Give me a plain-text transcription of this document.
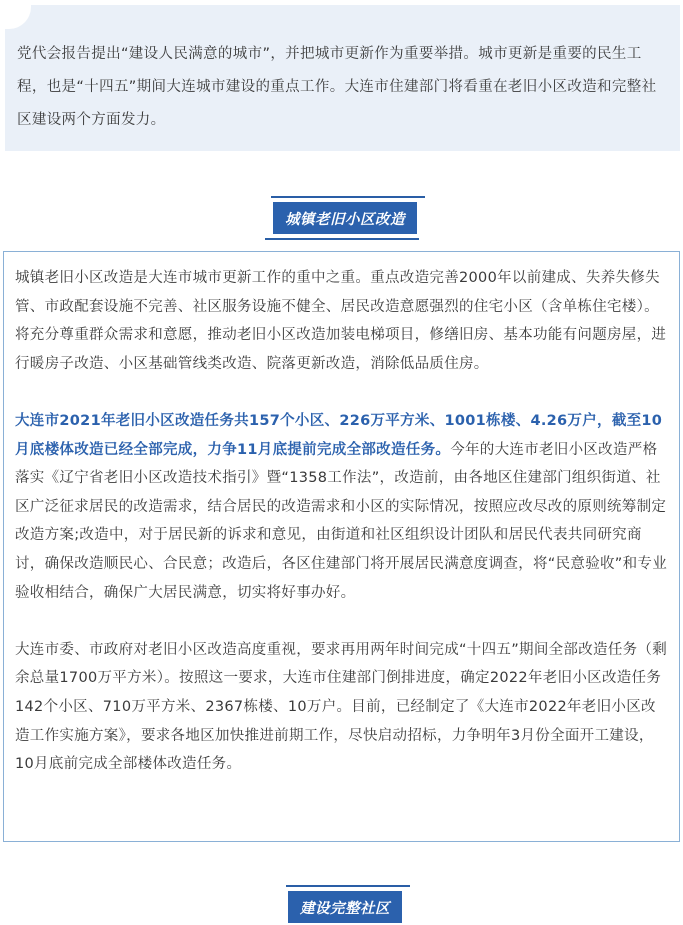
党代会报告提出“建设人民满意的城市”，并把城市更新作为重要举措。城市更新是重要的民生工程，也是“十四五”期间大连城市建设的重点工作。大连市住建部门将看重在老旧小区改造和完整社区建设两个方面发力。

城镇老旧小区改造

城镇老旧小区改造是大连市城市更新工作的重中之重。重点改造完善2000年以前建成、失养失修失管、市政配套设施不完善、社区服务设施不健全、居民改造意愿强烈的住宅小区（含单栋住宅楼）。将充分尊重群众需求和意愿，推动老旧小区改造加装电梯项目，修缮旧房、基本功能有问题房屋，进行暖房子改造、小区基础管线类改造、院落更新改造，消除低品质住房。

大连市2021年老旧小区改造任务共157个小区、226万平方米、1001栋楼、4.26万户，截至10月底楼体改造已经全部完成，力争11月底提前完成全部改造任务。今年的大连市老旧小区改造严格落实《辽宁省老旧小区改造技术指引》暨“1358工作法”，改造前，由各地区住建部门组织街道、社区广泛征求居民的改造需求，结合居民的改造需求和小区的实际情况，按照应改尽改的原则统筹制定改造方案;改造中，对于居民新的诉求和意见，由街道和社区组织设计团队和居民代表共同研究商讨，确保改造顺民心、合民意；改造后，各区住建部门将开展居民满意度调查，将“民意验收”和专业验收相结合，确保广大居民满意，切实将好事办好。

大连市委、市政府对老旧小区改造高度重视，要求再用两年时间完成“十四五”期间全部改造任务（剩余总量1700万平方米）。按照这一要求，大连市住建部门倒排进度，确定2022年老旧小区改造任务142个小区、710万平方米、2367栋楼、10万户。目前，已经制定了《大连市2022年老旧小区改造工作实施方案》，要求各地区加快推进前期工作，尽快启动招标，力争明年3月份全面开工建设，10月底前完成全部楼体改造任务。

建设完整社区
